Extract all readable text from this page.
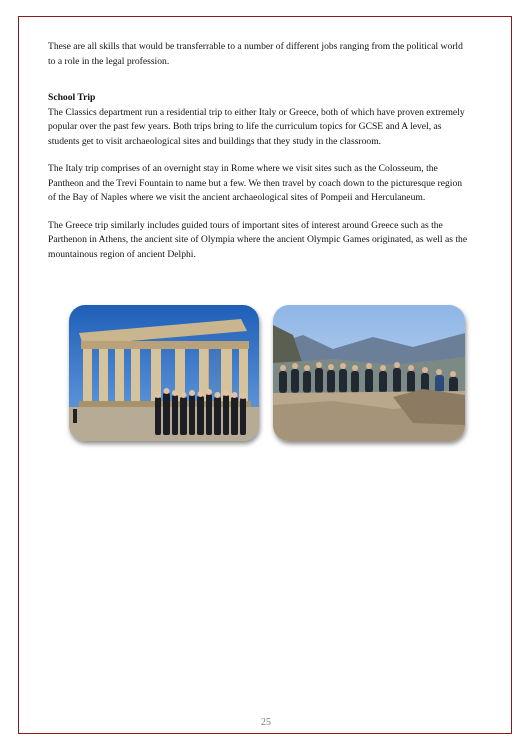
These are all skills that would be transferrable to a number of different jobs ranging from the political world to a role in the legal profession.

School Trip

The Classics department run a residential trip to either Italy or Greece, both of which have proven extremely popular over the past few years. Both trips bring to life the curriculum topics for GCSE and A level, as students get to visit archaeological sites and buildings that they study in the classroom.

The Italy trip comprises of an overnight stay in Rome where we visit sites such as the Colosseum, the Pantheon and the Trevi Fountain to name but a few. We then travel by coach down to the picturesque region of the Bay of Naples where we visit the ancient archaeological sites of Pompeii and Herculaneum.

The Greece trip similarly includes guided tours of important sites of interest around Greece such as the Parthenon in Athens, the ancient site of Olympia where the ancient Olympic Games originated, as well as the mountainous region of ancient Delphi.

25
